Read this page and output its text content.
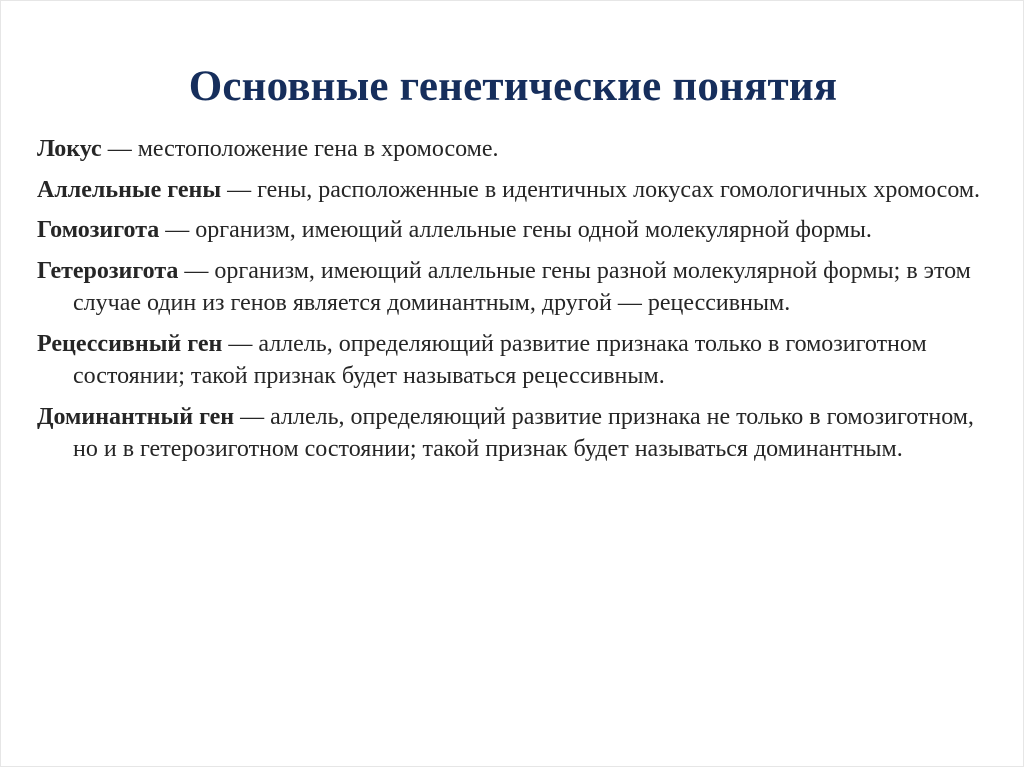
Основные генетические понятия

Локус — местоположение гена в хромосоме.

Аллельные гены — гены, расположенные в идентичных локусах гомологичных хромосом.

Гомозигота — организм, имеющий аллельные гены одной молекулярной формы.

Гетерозигота — организм, имеющий аллельные гены разной молекулярной формы; в этом случае один из генов является доминантным, другой — рецессивным.

Рецессивный ген — аллель, определяющий развитие признака только в гомозиготном состоянии; такой признак будет называться рецессивным.

Доминантный ген — аллель, определяющий развитие признака не только в гомозиготном, но и в гетерозиготном состоянии; такой признак будет называться доминантным.
